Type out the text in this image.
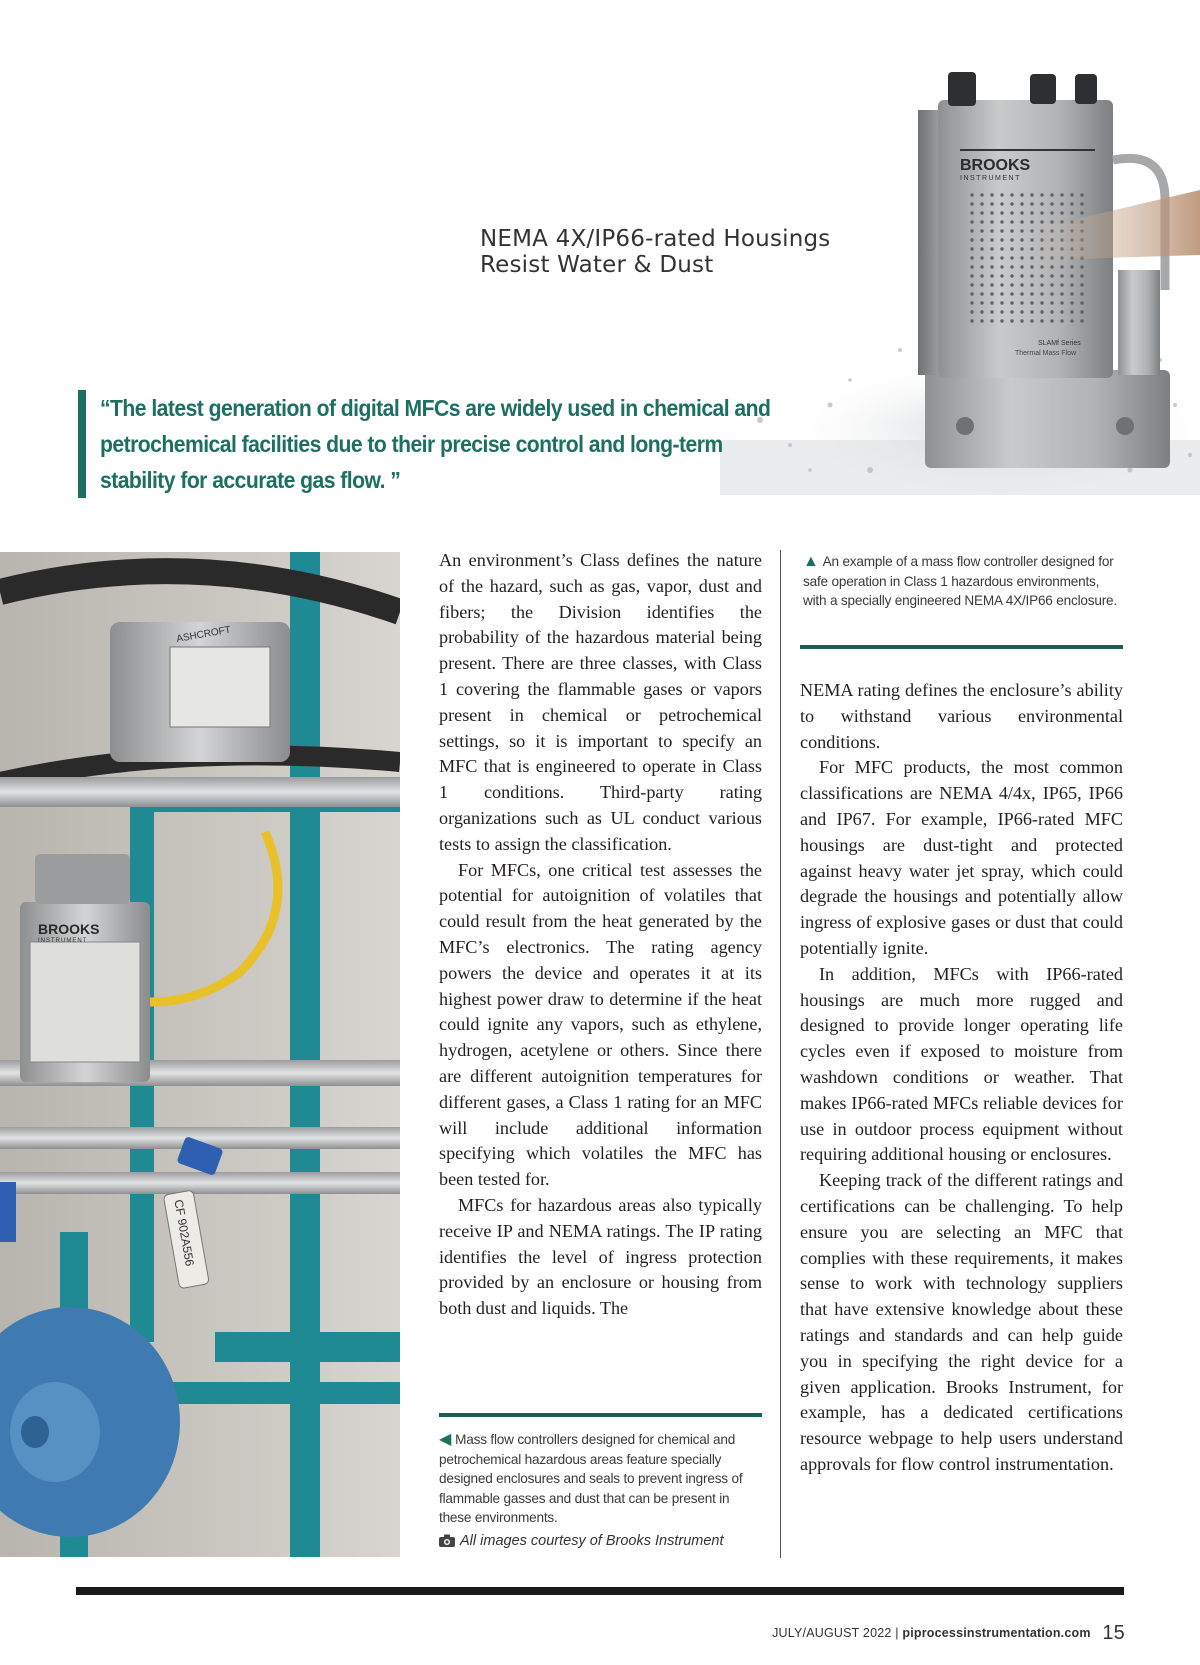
BROOKS
INSTRUMENT
SLAMf Series
Thermal Mass Flow
NEMA 4X/IP66-rated Housings
Resist Water & Dust

“The latest generation of digital MFCs are widely used in chemical and petrochemical facilities due to their precise control and long-term stability for accurate gas flow. ”

ASHCROFT
BROOKS
INSTRUMENT
CF 902A556

An environment’s Class defines the nature of the hazard, such as gas, vapor, dust and fibers; the Division identifies the probability of the hazardous material being present. There are three classes, with Class 1 covering the flammable gases or vapors present in chemical or petrochemical settings, so it is important to specify an MFC that is engineered to operate in Class 1 conditions. Third-party rating organizations such as UL conduct various tests to assign the classification.

For MFCs, one critical test assesses the potential for autoignition of volatiles that could result from the heat generated by the MFC’s electronics. The rating agency powers the device and operates it at its highest power draw to determine if the heat could ignite any vapors, such as ethylene, hydrogen, acetylene or others. Since there are different autoignition temperatures for different gases, a Class 1 rating for an MFC will include additional information specifying which volatiles the MFC has been tested for.

MFCs for hazardous areas also typically receive IP and NEMA ratings. The IP rating identifies the level of ingress protection provided by an enclosure or housing from both dust and liquids. The

▲ An example of a mass flow controller designed for safe operation in Class 1 hazardous environments, with a specially engineered NEMA 4X/IP66 enclosure.

NEMA rating defines the enclosure’s ability to withstand various environmental conditions.

For MFC products, the most common classifications are NEMA 4/4x, IP65, IP66 and IP67. For example, IP66-rated MFC housings are dust-tight and protected against heavy water jet spray, which could degrade the housings and potentially allow ingress of explosive gases or dust that could potentially ignite.

In addition, MFCs with IP66-rated housings are much more rugged and designed to provide longer operating life cycles even if exposed to moisture from washdown conditions or weather. That makes IP66-rated MFCs reliable devices for use in outdoor process equipment without requiring additional housing or enclosures.

Keeping track of the different ratings and certifications can be challenging. To help ensure you are selecting an MFC that complies with these requirements, it makes sense to work with technology suppliers that have extensive knowledge about these ratings and standards and can help guide you in specifying the right device for a given application. Brooks Instrument, for example, has a dedicated certifications resource webpage to help users understand approvals for flow control instrumentation.

◀ Mass flow controllers designed for chemical and petrochemical hazardous areas feature specially designed enclosures and seals to prevent ingress of flammable gasses and dust that can be present in these environments.
All images courtesy of Brooks Instrument
JULY/AUGUST 2022 | piprocessinstrumentation.com 15
